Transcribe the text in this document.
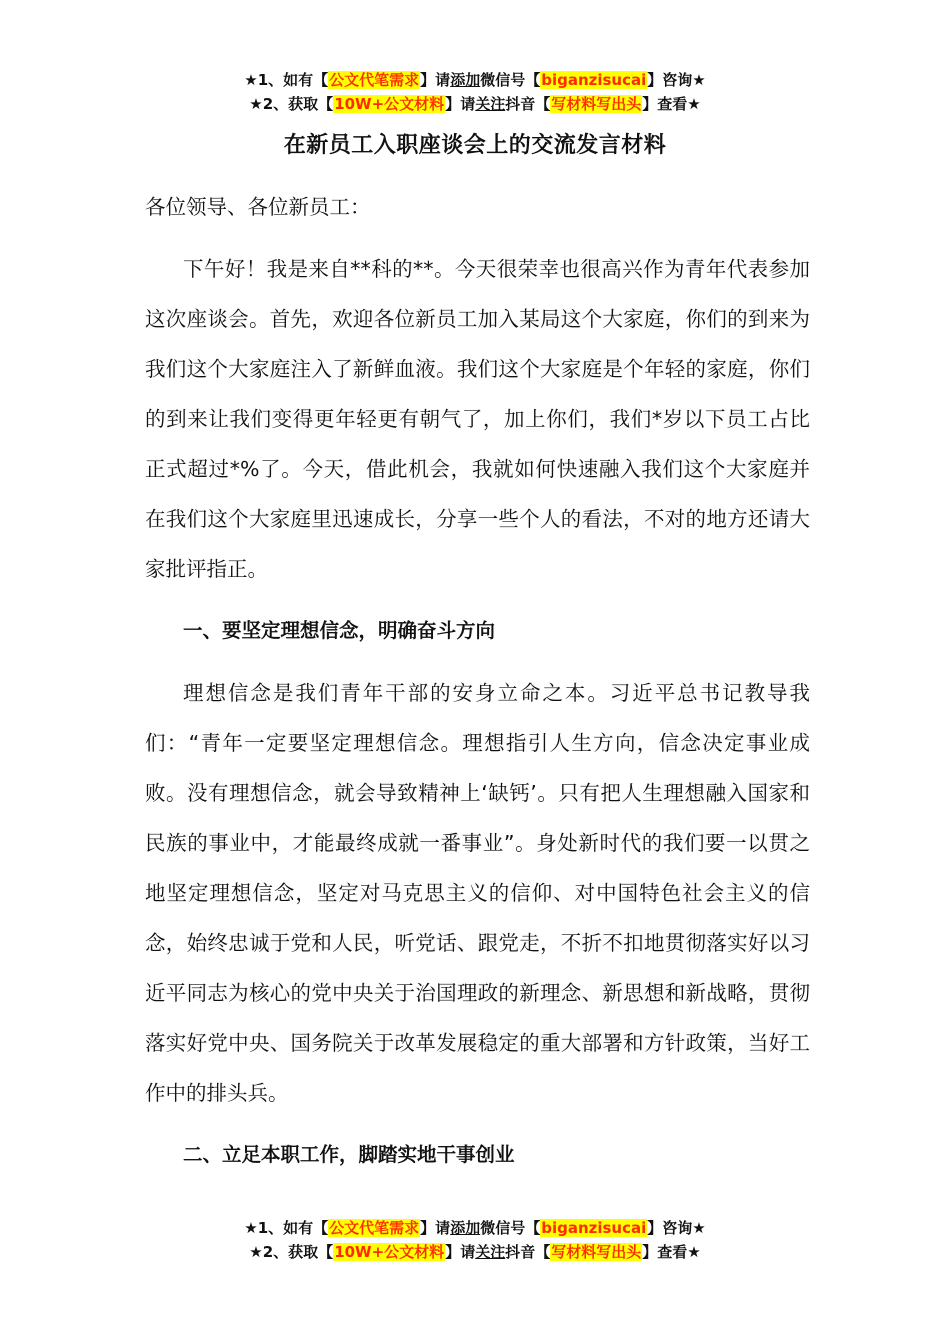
★1、如有【公文代笔需求】请添加微信号【biganzisucai】咨询★
★2、获取【10W+公文材料】请关注抖音【写材料写出头】查看★
在新员工入职座谈会上的交流发言材料

各位领导、各位新员工：

下午好！我是来自**科的**。今天很荣幸也很高兴作为青年代表参加这次座谈会。首先，欢迎各位新员工加入某局这个大家庭，你们的到来为我们这个大家庭注入了新鲜血液。我们这个大家庭是个年轻的家庭，你们的到来让我们变得更年轻更有朝气了，加上你们，我们*岁以下员工占比正式超过*%了。今天，借此机会，我就如何快速融入我们这个大家庭并在我们这个大家庭里迅速成长，分享一些个人的看法，不对的地方还请大家批评指正。

一、要坚定理想信念，明确奋斗方向

理想信念是我们青年干部的安身立命之本。习近平总书记教导我们：“青年一定要坚定理想信念。理想指引人生方向，信念决定事业成败。没有理想信念，就会导致精神上‘缺钙’。只有把人生理想融入国家和民族的事业中，才能最终成就一番事业”。身处新时代的我们要一以贯之地坚定理想信念，坚定对马克思主义的信仰、对中国特色社会主义的信念，始终忠诚于党和人民，听党话、跟党走，不折不扣地贯彻落实好以习近平同志为核心的党中央关于治国理政的新理念、新思想和新战略，贯彻落实好党中央、国务院关于改革发展稳定的重大部署和方针政策，当好工作中的排头兵。

二、立足本职工作，脚踏实地干事创业

★1、如有【公文代笔需求】请添加微信号【biganzisucai】咨询★
★2、获取【10W+公文材料】请关注抖音【写材料写出头】查看★
